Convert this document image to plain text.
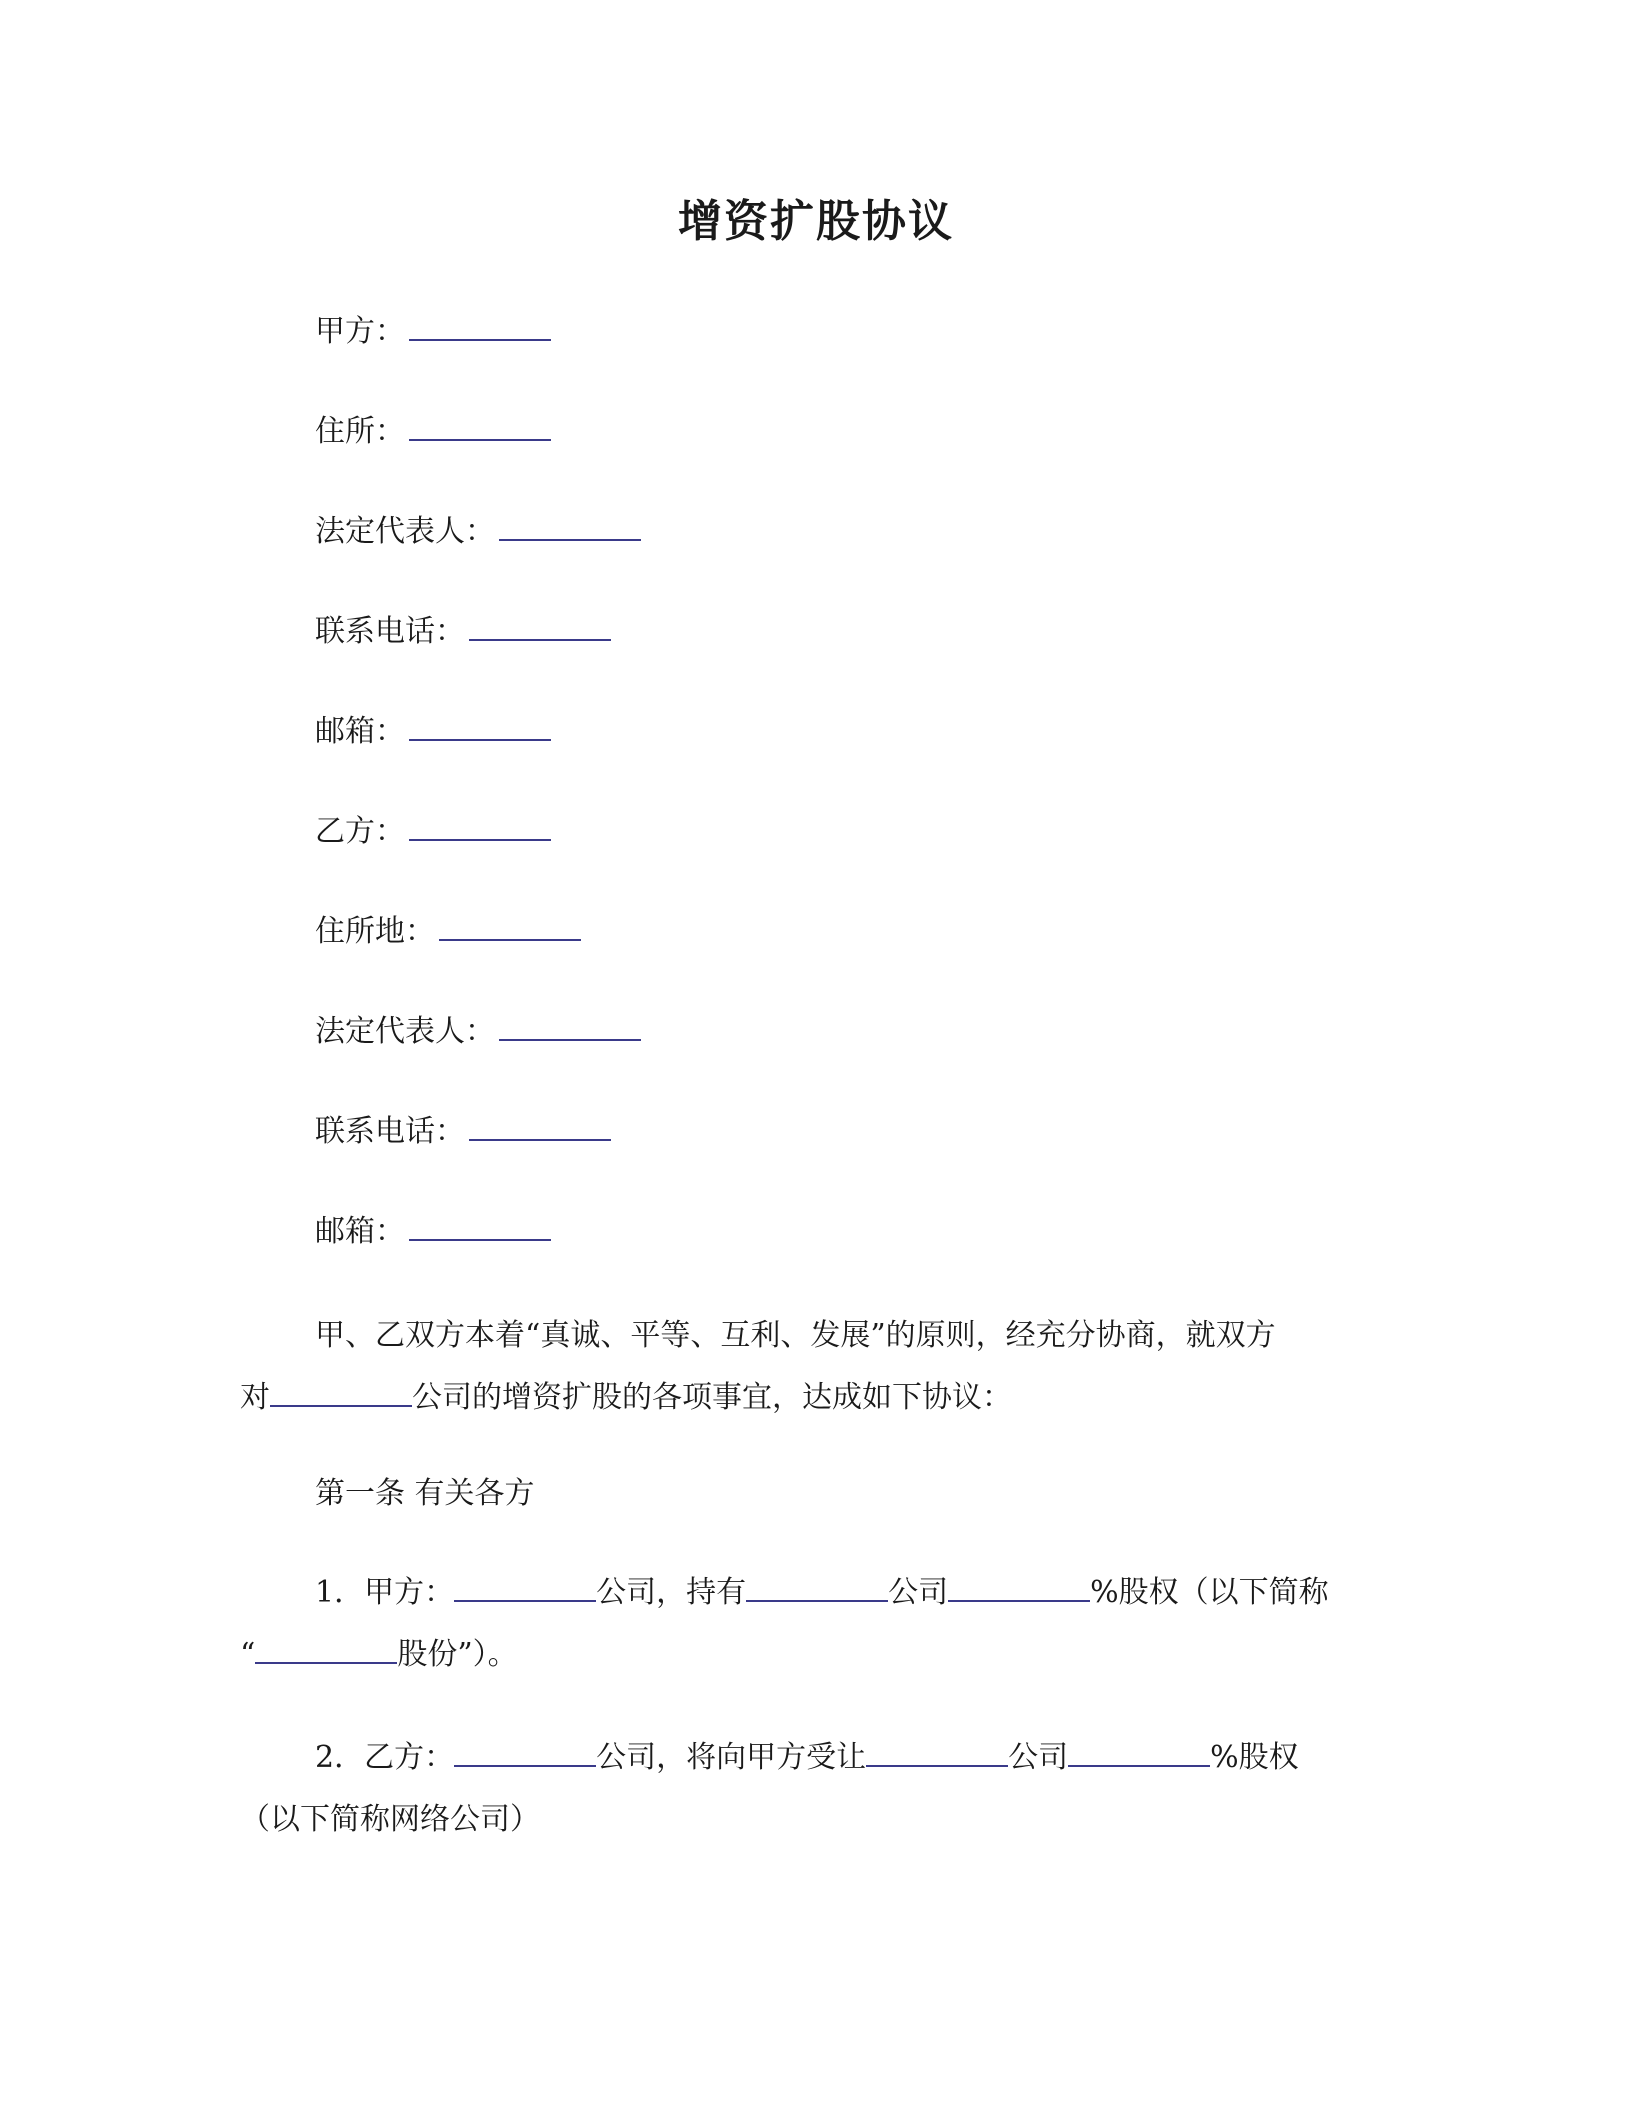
增资扩股协议
甲方：
住所：
法定代表人：
联系电话：
邮箱：
乙方：
住所地：
法定代表人：
联系电话：
邮箱：
甲、乙双方本着“真诚、平等、互利、发展”的原则，经充分协商，就双方
对	公司的增资扩股的各项事宜，达成如下协议：
第一条 有关各方
1．甲方：	公司，持有	公司	%股权（以下简称
“	股份”）。
2．乙方：	公司，将向甲方受让	公司	%股权
（以下简称网络公司）
